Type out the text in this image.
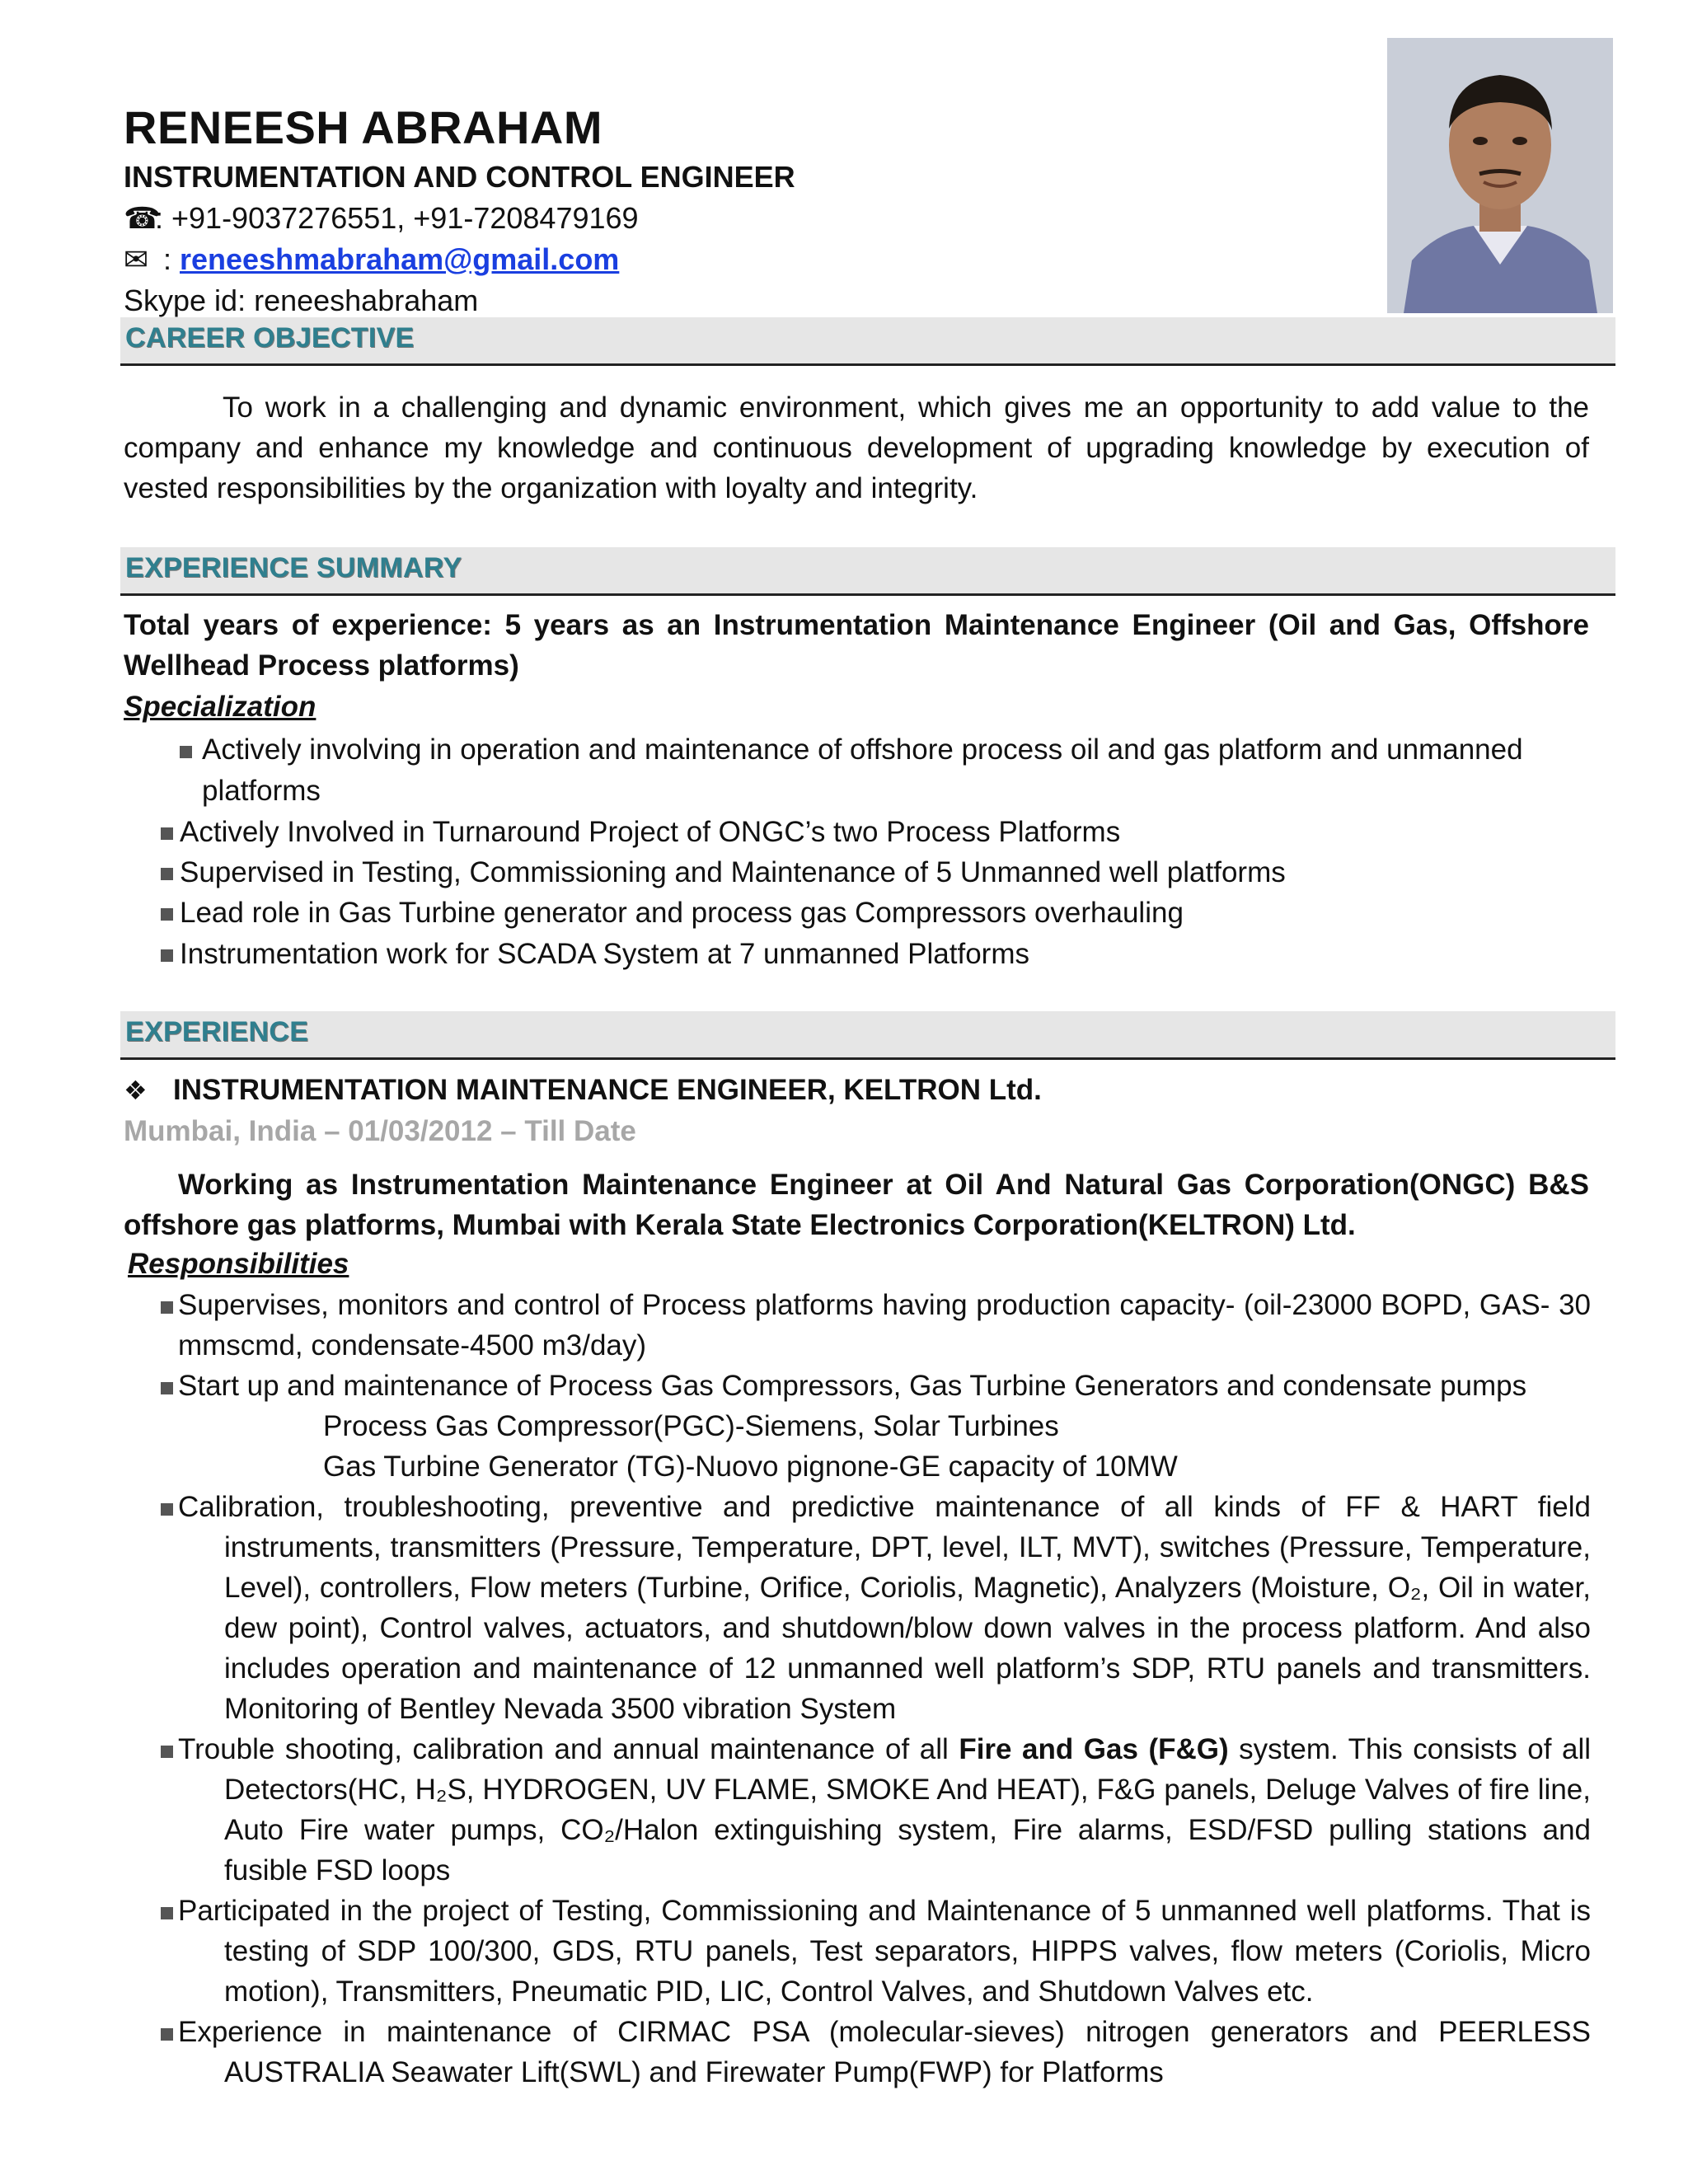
RENEESH ABRAHAM
INSTRUMENTATION AND CONTROL ENGINEER
☎
: +91-9037276551, +91-7208479169
✉ : reneeshmabraham@gmail.com
Skype id: reneeshabraham
CAREER OBJECTIVE
To work in a challenging and dynamic environment, which gives me an opportunity to add value to the company and enhance my knowledge and continuous development of upgrading knowledge by execution of vested responsibilities by the organization with loyalty and integrity.
EXPERIENCE SUMMARY
Total years of experience: 5 years as an Instrumentation Maintenance Engineer (Oil and Gas, Offshore Wellhead Process platforms)
Specialization
Actively involving in operation and maintenance of offshore process oil and gas platform and unmanned platforms
Actively Involved in Turnaround Project of ONGC’s two Process Platforms
Supervised in Testing, Commissioning and Maintenance of 5 Unmanned well platforms
Lead role in Gas Turbine generator and process gas Compressors overhauling
Instrumentation work for SCADA System at 7 unmanned Platforms
EXPERIENCE
❖ INSTRUMENTATION MAINTENANCE ENGINEER, KELTRON Ltd.
Mumbai, India – 01/03/2012 – Till Date
Working as Instrumentation Maintenance Engineer at Oil And Natural Gas Corporation(ONGC) B&S offshore gas platforms, Mumbai with Kerala State Electronics Corporation(KELTRON) Ltd.
Responsibilities
Supervises, monitors and control of Process platforms having production capacity- (oil-23000 BOPD, GAS- 30 mmscmd, condensate-4500 m3/day)
Start up and maintenance of Process Gas Compressors, Gas Turbine Generators and condensate pumps
Process Gas Compressor(PGC)-Siemens, Solar Turbines
Gas Turbine Generator (TG)-Nuovo pignone-GE capacity of 10MW
Calibration, troubleshooting, preventive and predictive maintenance of all kinds of FF & HART field instruments, transmitters (Pressure, Temperature, DPT, level, ILT, MVT), switches (Pressure, Temperature, Level), controllers, Flow meters (Turbine, Orifice, Coriolis, Magnetic), Analyzers (Moisture, O₂, Oil in water, dew point), Control valves, actuators, and shutdown/blow down valves in the process platform. And also includes operation and maintenance of 12 unmanned well platform’s SDP, RTU panels and transmitters. Monitoring of Bentley Nevada 3500 vibration System
Trouble shooting, calibration and annual maintenance of all Fire and Gas (F&G) system. This consists of all Detectors(HC, H₂S, HYDROGEN, UV FLAME, SMOKE And HEAT), F&G panels, Deluge Valves of fire line, Auto Fire water pumps, CO₂/Halon extinguishing system, Fire alarms, ESD/FSD pulling stations and fusible FSD loops
Participated in the project of Testing, Commissioning and Maintenance of 5 unmanned well platforms. That is testing of SDP 100/300, GDS, RTU panels, Test separators, HIPPS valves, flow meters (Coriolis, Micro motion), Transmitters, Pneumatic PID, LIC, Control Valves, and Shutdown Valves etc.
Experience in maintenance of CIRMAC PSA (molecular-sieves) nitrogen generators and PEERLESS AUSTRALIA Seawater Lift(SWL) and Firewater Pump(FWP) for Platforms
